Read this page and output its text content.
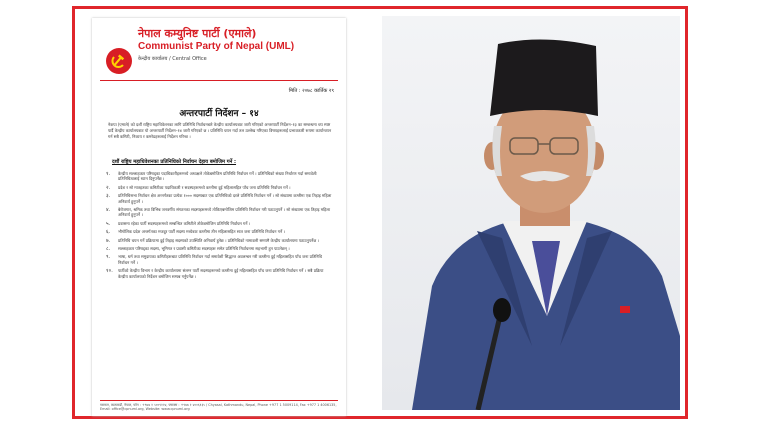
नेपाल कम्युनिष्ट पार्टी (एमाले)
Communist Party of Nepal (UML)
केन्द्रीय कार्यालय / Central Office
मिति : २०७८ कार्तिक २९
अन्तरपार्टी निर्देशन – १४
नेकपा (एमाले) को दशौं राष्ट्रिय महाधिवेशनका लागि प्रतिनिधि निर्वाचनबारे केन्द्रीय कार्यालयबाट जारी गरिएको अन्तरपार्टी निर्देशन–१३ का सम्बन्धमा थप स्पष्ट पार्दै केन्द्रीय कार्यालयबाट यो अन्तरपार्टी निर्देशन–१४ जारी गरिएको छ । प्रतिनिधि चयन गर्दा तल उल्लेख गरिएका विषयहरूलाई प्रभावकारी रूपमा कार्यान्वयन गर्न सबै कमिटी, निकाय र कमरेडहरूलाई निर्देशन गरिन्छ ।
दशौं राष्ट्रिय महाधिवेशनका प्रतिनिधिको निर्वाचन देहाय बमोजिम गर्ने :
१. केन्द्रीय सल्लाहकार परिषद्का पदाधिकारीहरूमध्ये अध्यक्षले तोकेबमोजिम प्रतिनिधि निर्वाचन गर्ने । प्रतिनिधिको संख्या निर्धारण गर्दा समावेशी प्रतिनिधित्वलाई ध्यान दिनुपर्नेछ ।
२. प्रदेश र सो मातहतका कमिटीका पदाधिकारी र सदस्यहरूमध्ये कम्तीमा दुई महिलासहित पाँच जना प्रतिनिधि निर्वाचन गर्ने ।
३. प्रतिनिधिसभा निर्वाचन क्षेत्र अन्तर्गतका प्रत्येक १००० सदस्यबाट एक प्रतिनिधिको दरले प्रतिनिधि निर्वाचन गर्ने । सो संख्यामा कम्तीमा एक तिहाइ महिला अनिवार्य हुनुपर्ने ।
४. बेरोजगार, श्रमिक तथा विभिन्न जनवर्गीय संगठनका सदस्यहरूमध्ये तोकिएबमोजिम प्रतिनिधि निर्वाचन गरी पठाउनुपर्ने । सो संख्यामा एक तिहाइ महिला अनिवार्य हुनुपर्ने ।
५. प्रवासमा रहेका पार्टी सदस्यहरूमध्ये सम्बन्धित कमिटीले तोकेबमोजिम प्रतिनिधि निर्वाचन गर्ने ।
६. भौगोलिक प्रदेश अन्तर्गतका मजदुर पार्टी सदस्य मध्येबाट कम्तीमा तीन महिलासहित सात जना प्रतिनिधि निर्वाचन गर्ने ।
७. प्रतिनिधि चयन गर्ने प्रक्रियामा दुई तिहाइ सदस्यको उपस्थिति अनिवार्य हुनेछ । प्रतिनिधिको नामावली समयमै केन्द्रीय कार्यालयमा पठाउनुपर्नेछ ।
८. सल्लाहकार परिषद्का सदस्य, भूमिगत र प्रवासी कमिटीका सदस्यहरू समेत प्रतिनिधि निर्वाचनमा सहभागी हुन पाउनेछन् ।
९. भाषा, धर्म तथा समुदायका कमिटीहरूबाट प्रतिनिधि निर्वाचन गर्दा समावेशी सिद्धान्त अवलम्बन गरी कम्तीमा दुई महिलासहित पाँच जना प्रतिनिधि निर्वाचन गर्ने ।
१०. पार्टीको केन्द्रीय विभाग र केन्द्रीय कार्यालयमा संलग्न पार्टी सदस्यहरूमध्ये कम्तीमा दुई महिलासहित पाँच जना प्रतिनिधि निर्वाचन गर्ने । सबै प्रक्रिया केन्द्रीय कार्यालयको निर्देशन बमोजिम सम्पन्न गर्नुपर्नेछ ।
च्यासल, काठमाडौं, नेपाल, फोन : +९७७ १ ५००९११४, फ्याक्स : +९७७ १ ४००६१३५ / Chyasal, Kathmandu, Nepal, Phone +977 1 5009114, Fax +977 1 4006135, Email: office@cpnuml.org, Website: www.cpnuml.org
